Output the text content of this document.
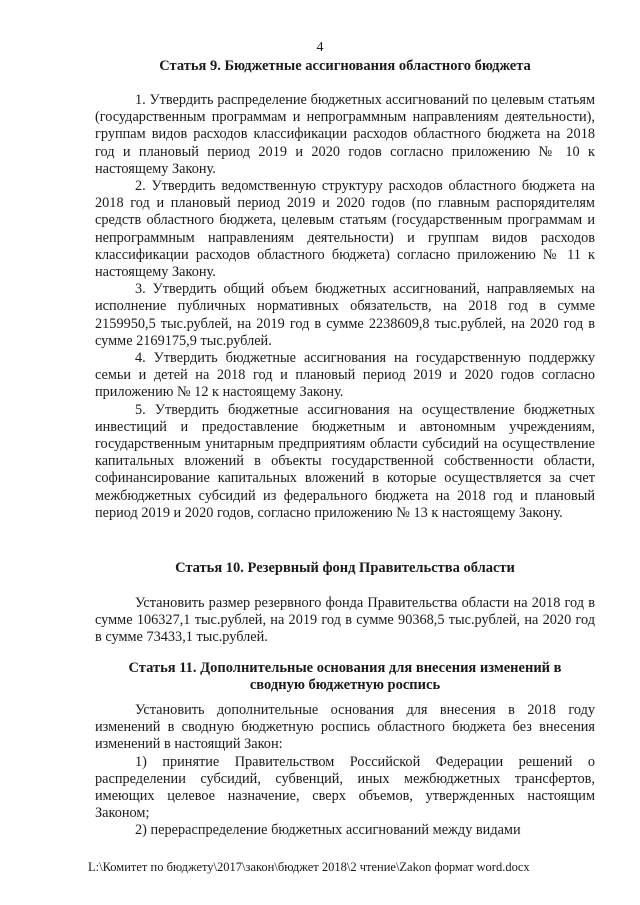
4
Статья 9. Бюджетные ассигнования областного бюджета

1. Утвердить распределение бюджетных ассигнований по целевым статьям (государственным программам и непрограммным направлениям деятельности), группам видов расходов классификации расходов областного бюджета на 2018 год и плановый период 2019 и 2020 годов согласно приложению № 10 к настоящему Закону.

2. Утвердить ведомственную структуру расходов областного бюджета на 2018 год и плановый период 2019 и 2020 годов (по главным распорядителям средств областного бюджета, целевым статьям (государственным программам и непрограммным направлениям деятельности) и группам видов расходов классификации расходов областного бюджета) согласно приложению № 11 к настоящему Закону.

3. Утвердить общий объем бюджетных ассигнований, направляемых на исполнение публичных нормативных обязательств, на 2018 год в сумме 2159950,5 тыс.рублей, на 2019 год в сумме 2238609,8 тыс.рублей, на 2020 год в сумме 2169175,9 тыс.рублей.

4. Утвердить бюджетные ассигнования на государственную поддержку семьи и детей на 2018 год и плановый период 2019 и 2020 годов согласно приложению № 12 к настоящему Закону.

5. Утвердить бюджетные ассигнования на осуществление бюджетных инвестиций и предоставление бюджетным и автономным учреждениям, государственным унитарным предприятиям области субсидий на осуществление капитальных вложений в объекты государственной собственности области, софинансирование капитальных вложений в которые осуществляется за счет межбюджетных субсидий из федерального бюджета на 2018 год и плановый период 2019 и 2020 годов, согласно приложению № 13 к настоящему Закону.

Статья 10. Резервный фонд Правительства области

Установить размер резервного фонда Правительства области на 2018 год в сумме 106327,1 тыс.рублей, на 2019 год в сумме 90368,5 тыс.рублей, на 2020 год в сумме 73433,1 тыс.рублей.

Статья 11. Дополнительные основания для внесения изменений в
сводную бюджетную роспись

Установить дополнительные основания для внесения в 2018 году изменений в сводную бюджетную роспись областного бюджета без внесения изменений в настоящий Закон:

1) принятие Правительством Российской Федерации решений о распределении субсидий, субвенций, иных межбюджетных трансфертов, имеющих целевое назначение, сверх объемов, утвержденных настоящим Законом;

2) перераспределение бюджетных ассигнований между видами

L:\Комитет по бюджету\2017\закон\бюджет 2018\2 чтение\Zakon формат word.docx
